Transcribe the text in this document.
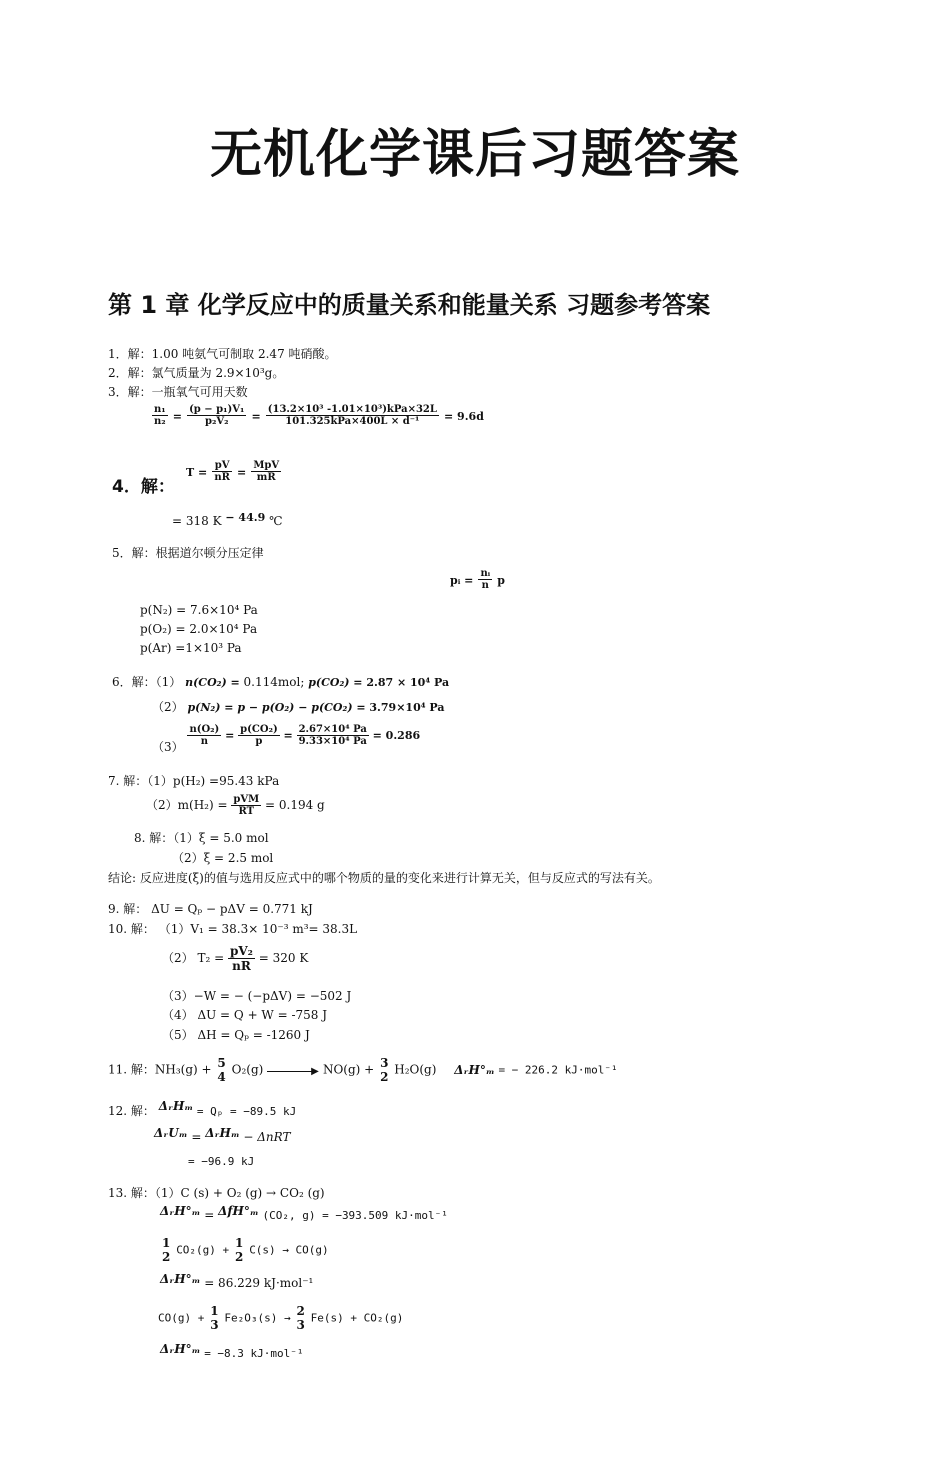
无机化学课后习题答案
第 1 章 化学反应中的质量关系和能量关系 习题参考答案
1．解：1.00 吨氨气可制取 2.47 吨硝酸。
2．解：氯气质量为 2.9×10³g。
3．解：一瓶氧气可用天数
$\frac{\text{n₁}}{\text{n₂}} = \frac{\text{(p − p₁)V₁}}{\text{p₂V₂}} = \frac{\text{(13.2×10³ -1.01×10³)kPa×32L}}{\text{101.325kPa×400L × d⁻¹}} = 9.6d$
4．解：
$T = \frac{pV}{nR} = \frac{\text{MpV}}{mR}$
= 318 K − 44.9 ℃
5．解：根据道尔顿分压定律
pᵢ = $\frac{\text{nᵢ}}{n}$ p
p(N₂) = 7.6×10⁴ Pa
p(O₂) = 2.0×10⁴ Pa
p(Ar) =1×10³ Pa
6．解：（1） n(CO₂) = 0.114mol; p(CO₂) = 2.87 × 10⁴ Pa
（2） p(N₂) = p − p(O₂) − p(CO₂) = 3.79×10⁴ Pa
$(3) \frac{\text{n(O₂)}}{n} = \frac{\text{p(CO₂)}}{p} = \frac{\text{2.67×10⁴ Pa}}{\text{9.33×10⁴ Pa}} = 0.286$
7. 解：（1）p(H₂) =95.43 kPa
$(2)m(H_2) = \frac{\text{pVM}}{RT} = 0.194$ g
8. 解：（1）ξ = 5.0 mol
（2）ξ = 2.5 mol
结论: 反应进度(ξ)的值与选用反应式中的哪个物质的量的变化来进行计算无关，但与反应式的写法有关。
9. 解： ΔU = Qₚ − pΔV = 0.771 kJ
10. 解： （1）V₁ = 38.3× 10⁻³ m³= 38.3L
（2） $T_2 = \frac{\text{pV₂}}{nR} = 320$ K
（3）−W = − (−pΔV) = −502 J
（4） ΔU = Q + W = -758 J
（5） ΔH = Qₚ = -1260 J
11. 解：NH₃(g) + 5
4
O₂(g)	▶ NO(g) + 3
2
H₂O(g) ΔᵣH°ₘ = − 226.2 kJ·mol⁻¹
12. 解： ΔᵣHₘ = Qₚ = −89.5 kJ
ΔᵣUₘ = ΔᵣHₘ − ΔnRT
= −96.9 kJ
13. 解：（1）C (s) + O₂ (g) → CO₂ (g)
ΔᵣH°ₘ = ΔfH°ₘ (CO₂, g) = −393.509 kJ·mol⁻¹
1
2 CO₂(g) + 1
2 C(s) → CO(g)
ΔᵣH°ₘ = 86.229 kJ·mol⁻¹
CO(g) + 1
3 Fe₂O₃(s) → 2
3 Fe(s) + CO₂(g)
ΔᵣH°ₘ = −8.3 kJ·mol⁻¹
